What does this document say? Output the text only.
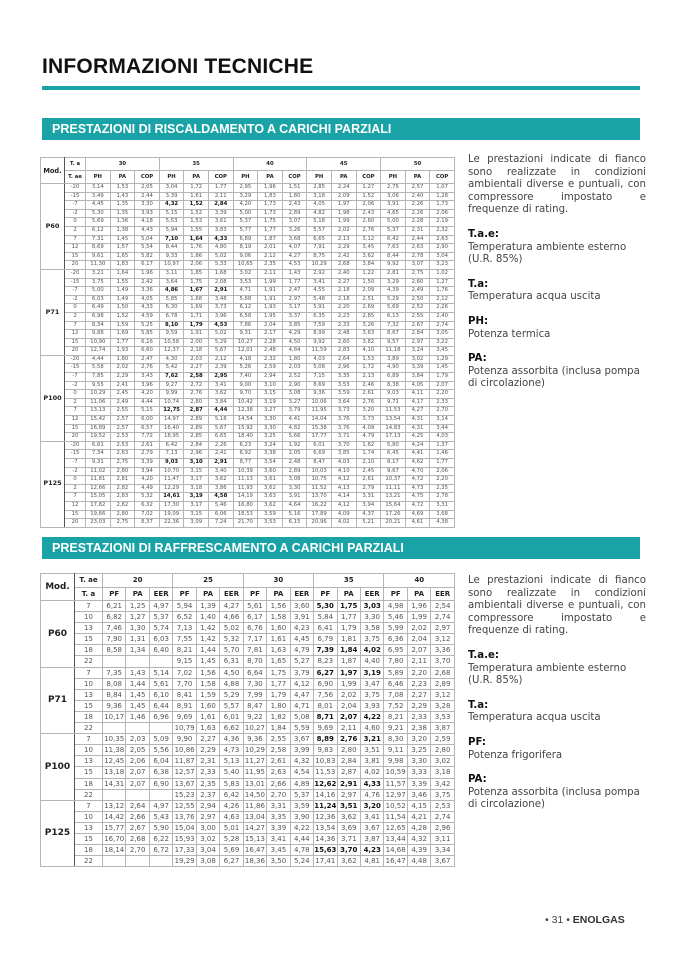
INFORMAZIONI TECNICHE
PRESTAZIONI DI RISCALDAMENTO A CARICHI PARZIALI
Mod.	T. a	30			35			40			45			50		
	T. ae	PH	PA	COP	PH	PA	COP	PH	PA	COP	PH	PA	COP	PH	PA	COP
P60	-20	3,14	1,53	2,05	3,04	1,72	1,77	2,95	1,96	1,51	2,85	2,24	1,27	2,75	2,57	1,07
	-15	3,49	1,43	2,44	3,39	1,61	2,11	3,29	1,83	1,80	3,18	2,09	1,52	3,06	2,40	1,28
	-7	4,45	1,35	3,30	4,32	1,52	2,84	4,20	1,73	2,43	4,05	1,97	2,06	3,91	2,26	1,73
	-2	5,30	1,35	3,93	5,15	1,52	3,39	5,00	1,73	2,89	4,82	1,98	2,43	4,65	2,26	2,06
	0	5,69	1,36	4,18	5,53	1,53	3,61	5,37	1,75	3,07	5,18	1,99	2,60	5,00	2,28	2,19
	2	6,12	1,38	4,43	5,94	1,55	3,83	5,77	1,77	3,26	5,57	2,02	2,76	5,37	2,31	2,32
	7	7,31	1,45	5,04	7,10	1,64	4,33	6,89	1,87	3,68	6,65	2,13	3,12	6,42	2,44	2,63
	12	8,69	1,57	5,54	8,44	1,76	4,80	8,19	2,01	4,07	7,91	2,29	3,45	7,63	2,63	2,90
	15	9,61	1,65	5,82	9,33	1,86	5,02	9,06	2,12	4,27	8,75	2,42	3,62	8,44	2,78	3,04
	20	11,30	1,83	6,17	10,97	2,06	5,33	10,65	2,35	4,53	10,29	2,68	3,84	9,92	3,07	3,23
P71	-20	3,21	1,64	1,96	3,11	1,85	1,68	3,02	2,11	1,43	2,92	2,40	1,22	2,81	2,75	1,02
	-15	3,75	1,55	2,42	3,64	1,75	2,08	3,53	1,99	1,77	3,41	2,27	1,50	3,29	2,60	1,27
	-7	5,00	1,49	3,36	4,86	1,67	2,91	4,71	1,91	2,47	4,55	2,18	2,09	4,39	2,49	1,76
	-2	6,03	1,49	4,05	5,85	1,68	3,48	5,68	1,91	2,97	5,48	2,18	2,51	5,29	2,50	2,12
	0	6,49	1,50	4,33	6,30	1,69	3,73	6,12	1,93	3,17	5,91	2,20	2,69	5,69	2,52	2,26
	2	6,98	1,52	4,59	6,78	1,71	3,96	6,58	1,95	3,37	6,35	2,23	2,85	6,13	2,55	2,40
	7	8,34	1,59	5,25	8,10	1,79	4,53	7,86	2,04	3,85	7,59	2,33	3,26	7,32	2,67	2,74
	12	9,88	1,69	5,85	9,59	1,91	5,02	9,31	2,17	4,29	8,99	2,48	3,63	8,67	2,84	3,05
	15	10,90	1,77	6,16	10,58	2,00	5,29	10,27	2,28	4,50	9,92	2,60	3,82	9,57	2,97	3,22
	20	12,74	1,93	6,60	12,37	2,18	5,67	12,01	2,48	4,84	11,59	2,83	4,10	11,18	3,24	3,45
P100	-20	4,44	1,80	2,47	4,30	2,03	2,12	4,18	2,32	1,80	4,03	2,64	1,53	3,89	3,02	1,29
	-15	5,58	2,02	2,76	5,42	2,27	2,39	5,26	2,59	2,03	5,08	2,96	1,72	4,90	3,39	1,45
	-7	7,85	2,29	3,43	7,62	2,58	2,95	7,40	2,94	2,52	7,15	3,35	2,13	6,89	3,84	1,79
	-2	9,55	2,41	3,96	9,27	2,72	3,41	9,00	3,10	2,90	8,69	3,53	2,46	8,38	4,05	2,07
	0	10,29	2,45	4,20	9,99	2,76	3,62	9,70	3,15	3,08	9,36	3,59	2,61	9,03	4,11	2,20
	2	11,06	2,49	4,44	10,74	2,80	3,84	10,42	3,19	3,27	10,06	3,64	2,76	9,71	4,17	2,33
	7	13,13	2,55	5,15	12,75	2,87	4,44	12,38	3,27	3,79	11,95	3,73	3,20	11,53	4,27	2,70
	12	15,42	2,57	6,00	14,97	2,89	5,18	14,54	3,30	4,41	14,04	3,76	3,73	13,54	4,31	3,14
	15	16,89	2,57	6,57	16,40	2,89	5,67	15,92	3,30	4,82	15,38	3,76	4,09	14,83	4,31	3,44
	20	19,52	2,53	7,72	18,95	2,85	6,65	18,40	3,25	5,66	17,77	3,71	4,79	17,13	4,25	4,03
P125	-20	6,61	2,53	2,61	6,42	2,84	2,26	6,23	3,24	1,92	6,01	3,70	1,62	5,80	4,24	1,37
	-15	7,34	2,63	2,79	7,13	2,96	2,41	6,92	3,38	2,05	6,69	3,85	1,74	6,45	4,41	1,46
	-7	9,31	2,75	3,39	9,03	3,10	2,91	8,77	3,54	2,48	8,47	4,03	2,10	8,17	4,62	1,77
	-2	11,02	2,80	3,94	10,70	3,15	3,40	10,39	3,60	2,89	10,03	4,10	2,45	9,67	4,70	2,06
	0	11,81	2,81	4,20	11,47	3,17	3,62	11,13	3,61	3,08	10,75	4,12	2,61	10,37	4,72	2,20
	2	12,66	2,82	4,49	12,29	3,18	3,86	11,93	3,62	3,30	11,52	4,13	2,79	11,11	4,73	2,35
	7	15,05	2,83	5,32	14,61	3,19	4,58	14,19	3,63	3,91	13,70	4,14	3,31	13,21	4,75	2,78
	12	17,82	2,82	6,32	17,30	3,17	5,46	16,80	3,62	4,64	16,22	4,12	3,94	15,64	4,72	3,31
	15	19,66	2,80	7,02	19,09	3,15	6,06	18,53	3,59	5,16	17,89	4,09	4,37	17,26	4,69	3,68
	20	23,03	2,75	8,37	22,36	3,09	7,24	21,70	3,53	6,15	20,96	4,02	5,21	20,21	4,61	4,38

Le prestazioni indicate di fianco sono realizzate in condizioni ambientali diverse e puntuali, con compressore impostato e frequenze di rating.

T.a.e:
Temperatura ambiente esterno (U.R. 85%)

T.a:
Temperatura acqua uscita

PH:
Potenza termica

PA:
Potenza assorbita (inclusa pompa di circolazione)

PRESTAZIONI DI RAFFRESCAMENTO A CARICHI PARZIALI
Mod.	T. ae	20			25			30			35			40		
	T. a	PF	PA	EER	PF	PA	EER	PF	PA	EER	PF	PA	EER	PF	PA	EER
P60	7	6,21	1,25	4,97	5,94	1,39	4,27	5,61	1,56	3,60	5,30	1,75	3,03	4,98	1,96	2,54
	10	6,82	1,27	5,37	6,52	1,40	4,66	6,17	1,58	3,91	5,84	1,77	3,30	5,46	1,99	2,74
	13	7,46	1,30	5,74	7,13	1,42	5,02	6,76	1,60	4,23	6,41	1,79	3,58	5,99	2,02	2,97
	15	7,90	1,31	6,03	7,55	1,42	5,32	7,17	1,61	4,45	6,79	1,81	3,75	6,36	2,04	3,12
	18	8,58	1,34	6,40	8,21	1,44	5,70	7,81	1,63	4,79	7,39	1,84	4,02	6,95	2,07	3,36
	22				9,15	1,45	6,31	8,70	1,65	5,27	8,23	1,87	4,40	7,80	2,11	3,70
P71	7	7,35	1,43	5,14	7,02	1,56	4,50	6,64	1,75	3,79	6,27	1,97	3,19	5,89	2,20	2,68
	10	8,08	1,44	5,61	7,70	1,58	4,88	7,30	1,77	4,12	6,90	1,99	3,47	6,46	2,23	2,89
	13	8,84	1,45	6,10	8,41	1,59	5,29	7,99	1,79	4,47	7,56	2,02	3,75	7,08	2,27	3,12
	15	9,36	1,45	6,44	8,91	1,60	5,57	8,47	1,80	4,71	8,01	2,04	3,93	7,52	2,29	3,28
	18	10,17	1,46	6,96	9,69	1,61	6,01	9,22	1,82	5,08	8,71	2,07	4,22	8,21	2,33	3,53
	22				10,79	1,63	6,62	10,27	1,84	5,59	9,69	2,11	4,60	9,21	2,38	3,87
P100	7	10,35	2,03	5,09	9,90	2,27	4,36	9,36	2,55	3,67	8,89	2,76	3,21	8,30	3,20	2,59
	10	11,38	2,05	5,56	10,86	2,29	4,73	10,29	2,58	3,99	9,83	2,80	3,51	9,11	3,25	2,80
	13	12,45	2,06	6,04	11,87	2,31	5,13	11,27	2,61	4,32	10,83	2,84	3,81	9,98	3,30	3,02
	15	13,18	2,07	6,38	12,57	2,33	5,40	11,95	2,63	4,54	11,53	2,87	4,02	10,59	3,33	3,18
	18	14,31	2,07	6,90	13,67	2,35	5,83	13,01	2,66	4,89	12,62	2,91	4,33	11,57	3,39	3,42
	22				15,23	2,37	6,42	14,50	2,70	5,37	14,16	2,97	4,76	12,97	3,46	3,75
P125	7	13,12	2,64	4,97	12,55	2,94	4,26	11,86	3,31	3,59	11,24	3,51	3,20	10,52	4,15	2,53
	10	14,42	2,66	5,43	13,76	2,97	4,63	13,04	3,35	3,90	12,36	3,62	3,41	11,54	4,21	2,74
	13	15,77	2,67	5,90	15,04	3,00	5,01	14,27	3,39	4,22	13,54	3,69	3,67	12,65	4,28	2,96
	15	16,70	2,68	6,22	15,93	3,02	5,28	15,13	3,41	4,44	14,36	3,71	3,87	13,44	4,32	3,11
	18	18,14	2,70	6,72	17,33	3,04	5,69	16,47	3,45	4,78	15,63	3,70	4,23	14,68	4,39	3,34
	22				19,29	3,08	6,27	18,36	3,50	5,24	17,41	3,62	4,81	16,47	4,48	3,67

Le prestazioni indicate di fianco sono realizzate in condizioni ambientali diverse e puntuali, con compressore impostato e frequenze di rating.

T.a.e:
Temperatura ambiente esterno (U.R. 85%)

T.a:
Temperatura acqua uscita

PF:
Potenza frigorifera

PA:
Potenza assorbita (inclusa pompa di circolazione)

• 31 • ENOLGAS
